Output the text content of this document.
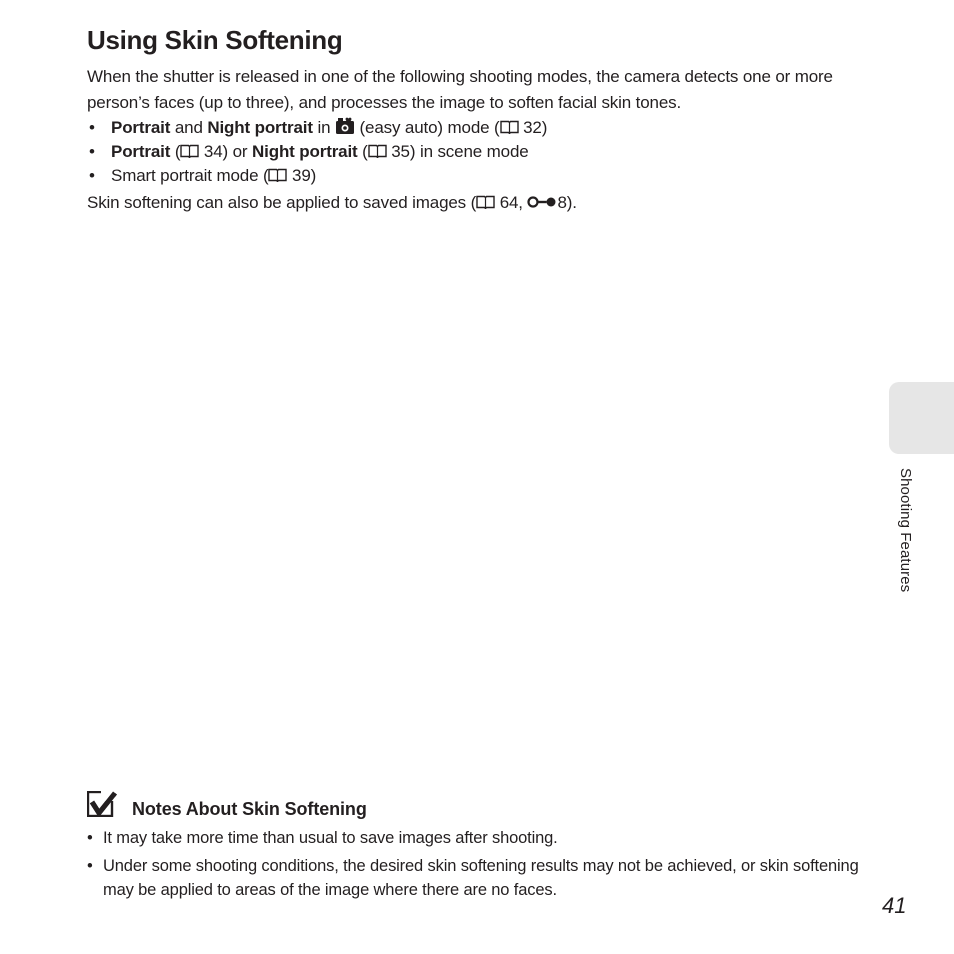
Using Skin Softening

When the shutter is released in one of the following shooting modes, the camera detects one or more person’s faces (up to three), and processes the image to soften facial skin tones.

• Portrait and Night portrait in  (easy auto) mode (
32)
• Portrait (
34) or Night portrait (
35) in scene mode
• Smart portrait mode (
39)

Skin softening can also be applied to saved images (
64, 8).

Shooting Features
Notes About Skin Softening
• It may take more time than usual to save images after shooting.
• Under some shooting conditions, the desired skin softening results may not be achieved, or skin softening may be applied to areas of the image where there are no faces.
41
